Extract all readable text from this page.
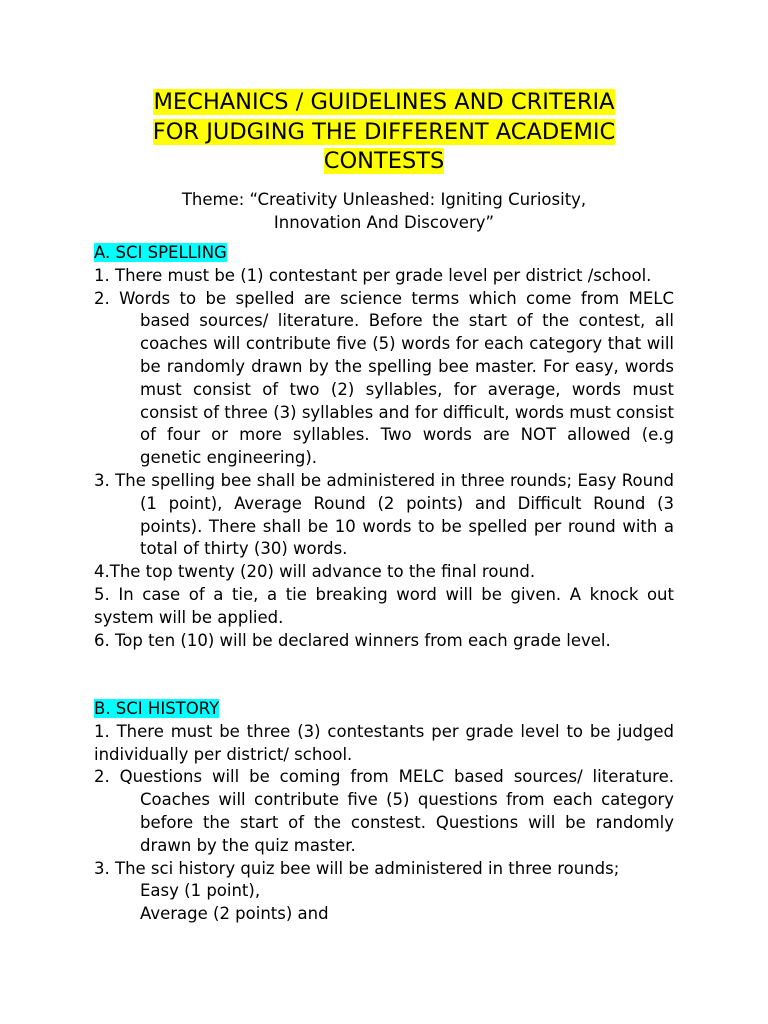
MECHANICS / GUIDELINES AND CRITERIA
FOR JUDGING THE DIFFERENT ACADEMIC
CONTESTS
Theme: “Creativity Unleashed: Igniting Curiosity,
Innovation And Discovery”

A. SCI SPELLING

1. There must be (1) contestant per grade level per district /school.

2. Words to be spelled are science terms which come from MELC based sources/ literature. Before the start of the contest, all coaches will contribute five (5) words for each category that will be randomly drawn by the spelling bee master. For easy, words must consist of two (2) syllables, for average, words must consist of three (3) syllables and for difficult, words must consist of four or more syllables. Two words are NOT allowed (e.g genetic engineering).

3. The spelling bee shall be administered in three rounds; Easy Round (1 point), Average Round (2 points) and Difficult Round (3 points). There shall be 10 words to be spelled per round with a total of thirty (30) words.

4.The top twenty (20) will advance to the final round.

5. In case of a tie, a tie breaking word will be given. A knock out system will be applied.

6. Top ten (10) will be declared winners from each grade level.

B. SCI HISTORY

1. There must be three (3) contestants per grade level to be judged individually per district/ school.

2. Questions will be coming from MELC based sources/ literature. Coaches will contribute five (5) questions from each category before the start of the constest. Questions will be randomly drawn by the quiz master.

3. The sci history quiz bee will be administered in three rounds;

Easy (1 point),

Average (2 points) and
